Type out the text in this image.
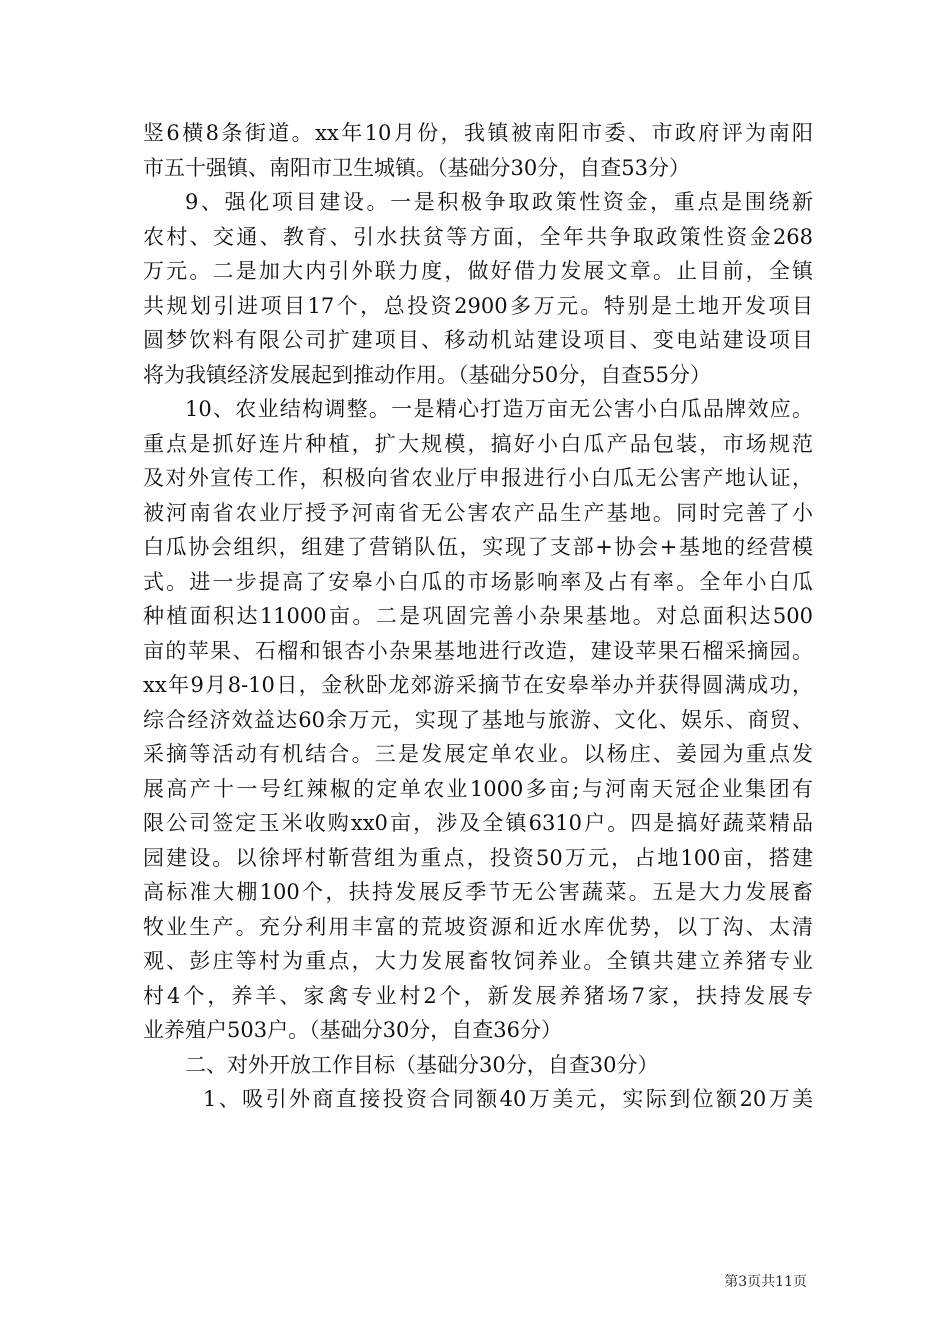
竖6横8条街道。xx年10月份，我镇被南阳市委、市政府评为南阳
市五十强镇、南阳市卫生城镇。（基础分30分，自查53分）
9、强化项目建设。一是积极争取政策性资金，重点是围绕新
农村、交通、教育、引水扶贫等方面，全年共争取政策性资金268
万元。二是加大内引外联力度，做好借力发展文章。止目前，全镇
共规划引进项目17个，总投资2900多万元。特别是土地开发项目
圆梦饮料有限公司扩建项目、移动机站建设项目、变电站建设项目
将为我镇经济发展起到推动作用。（基础分50分，自查55分）
10、农业结构调整。一是精心打造万亩无公害小白瓜品牌效应。
重点是抓好连片种植，扩大规模，搞好小白瓜产品包装，市场规范
及对外宣传工作，积极向省农业厅申报进行小白瓜无公害产地认证，
被河南省农业厅授予河南省无公害农产品生产基地。同时完善了小
白瓜协会组织，组建了营销队伍，实现了支部+协会+基地的经营模
式。进一步提高了安皋小白瓜的市场影响率及占有率。全年小白瓜
种植面积达11000亩。二是巩固完善小杂果基地。对总面积达500
亩的苹果、石榴和银杏小杂果基地进行改造，建设苹果石榴采摘园。
xx年9月8-10日，金秋卧龙郊游采摘节在安皋举办并获得圆满成功，
综合经济效益达60余万元，实现了基地与旅游、文化、娱乐、商贸、
采摘等活动有机结合。三是发展定单农业。以杨庄、姜园为重点发
展高产十一号红辣椒的定单农业1000多亩;与河南天冠企业集团有
限公司签定玉米收购xx0亩，涉及全镇6310户。四是搞好蔬菜精品
园建设。以徐坪村靳营组为重点，投资50万元，占地100亩，搭建
高标准大棚100个，扶持发展反季节无公害蔬菜。五是大力发展畜
牧业生产。充分利用丰富的荒坡资源和近水库优势，以丁沟、太清
观、彭庄等村为重点，大力发展畜牧饲养业。全镇共建立养猪专业
村4个，养羊、家禽专业村2个，新发展养猪场7家，扶持发展专
业养殖户503户。（基础分30分，自查36分）
二、对外开放工作目标（基础分30分，自查30分）
1、吸引外商直接投资合同额40万美元，实际到位额20万美
第3页共11页
